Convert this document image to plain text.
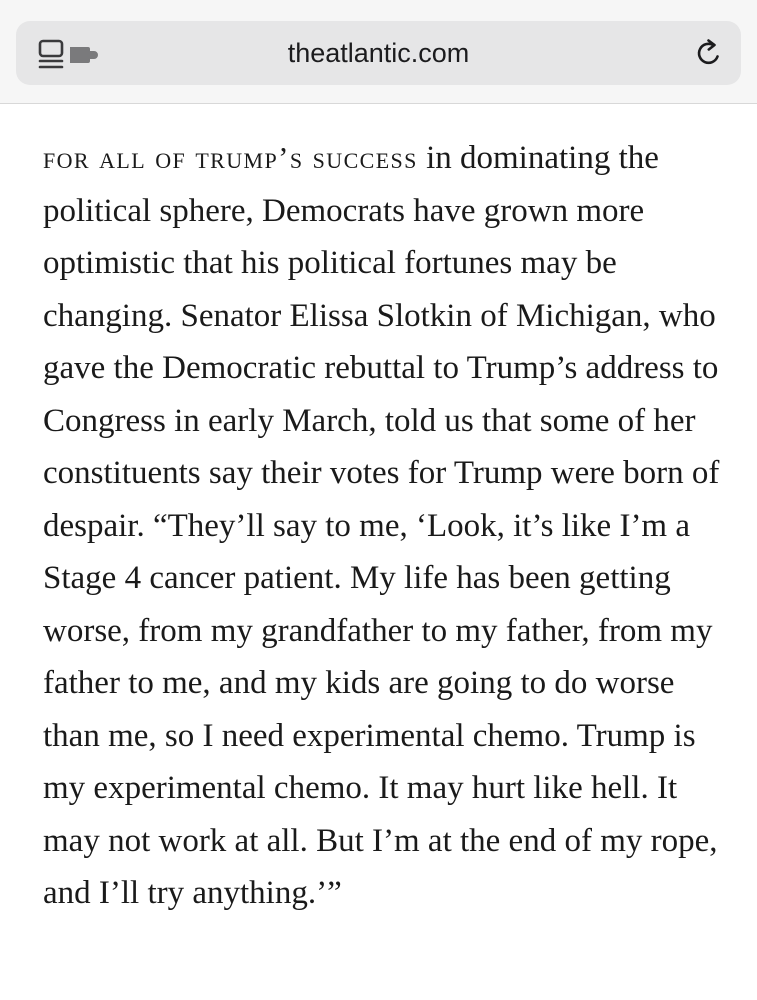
theatlantic.com

for all of trump’s success in dominating the political sphere, Democrats have grown more optimistic that his political fortunes may be changing. Senator Elissa Slotkin of Michigan, who gave the Democratic rebuttal to Trump’s address to Congress in early March, told us that some of her constituents say their votes for Trump were born of despair. “They’ll say to me, ‘Look, it’s like I’m a Stage 4 cancer patient. My life has been getting worse, from my grandfather to my father, from my father to me, and my kids are going to do worse than me, so I need experimental chemo. Trump is my experimental chemo. It may hurt like hell. It may not work at all. But I’m at the end of my rope, and I’ll try anything.’”
